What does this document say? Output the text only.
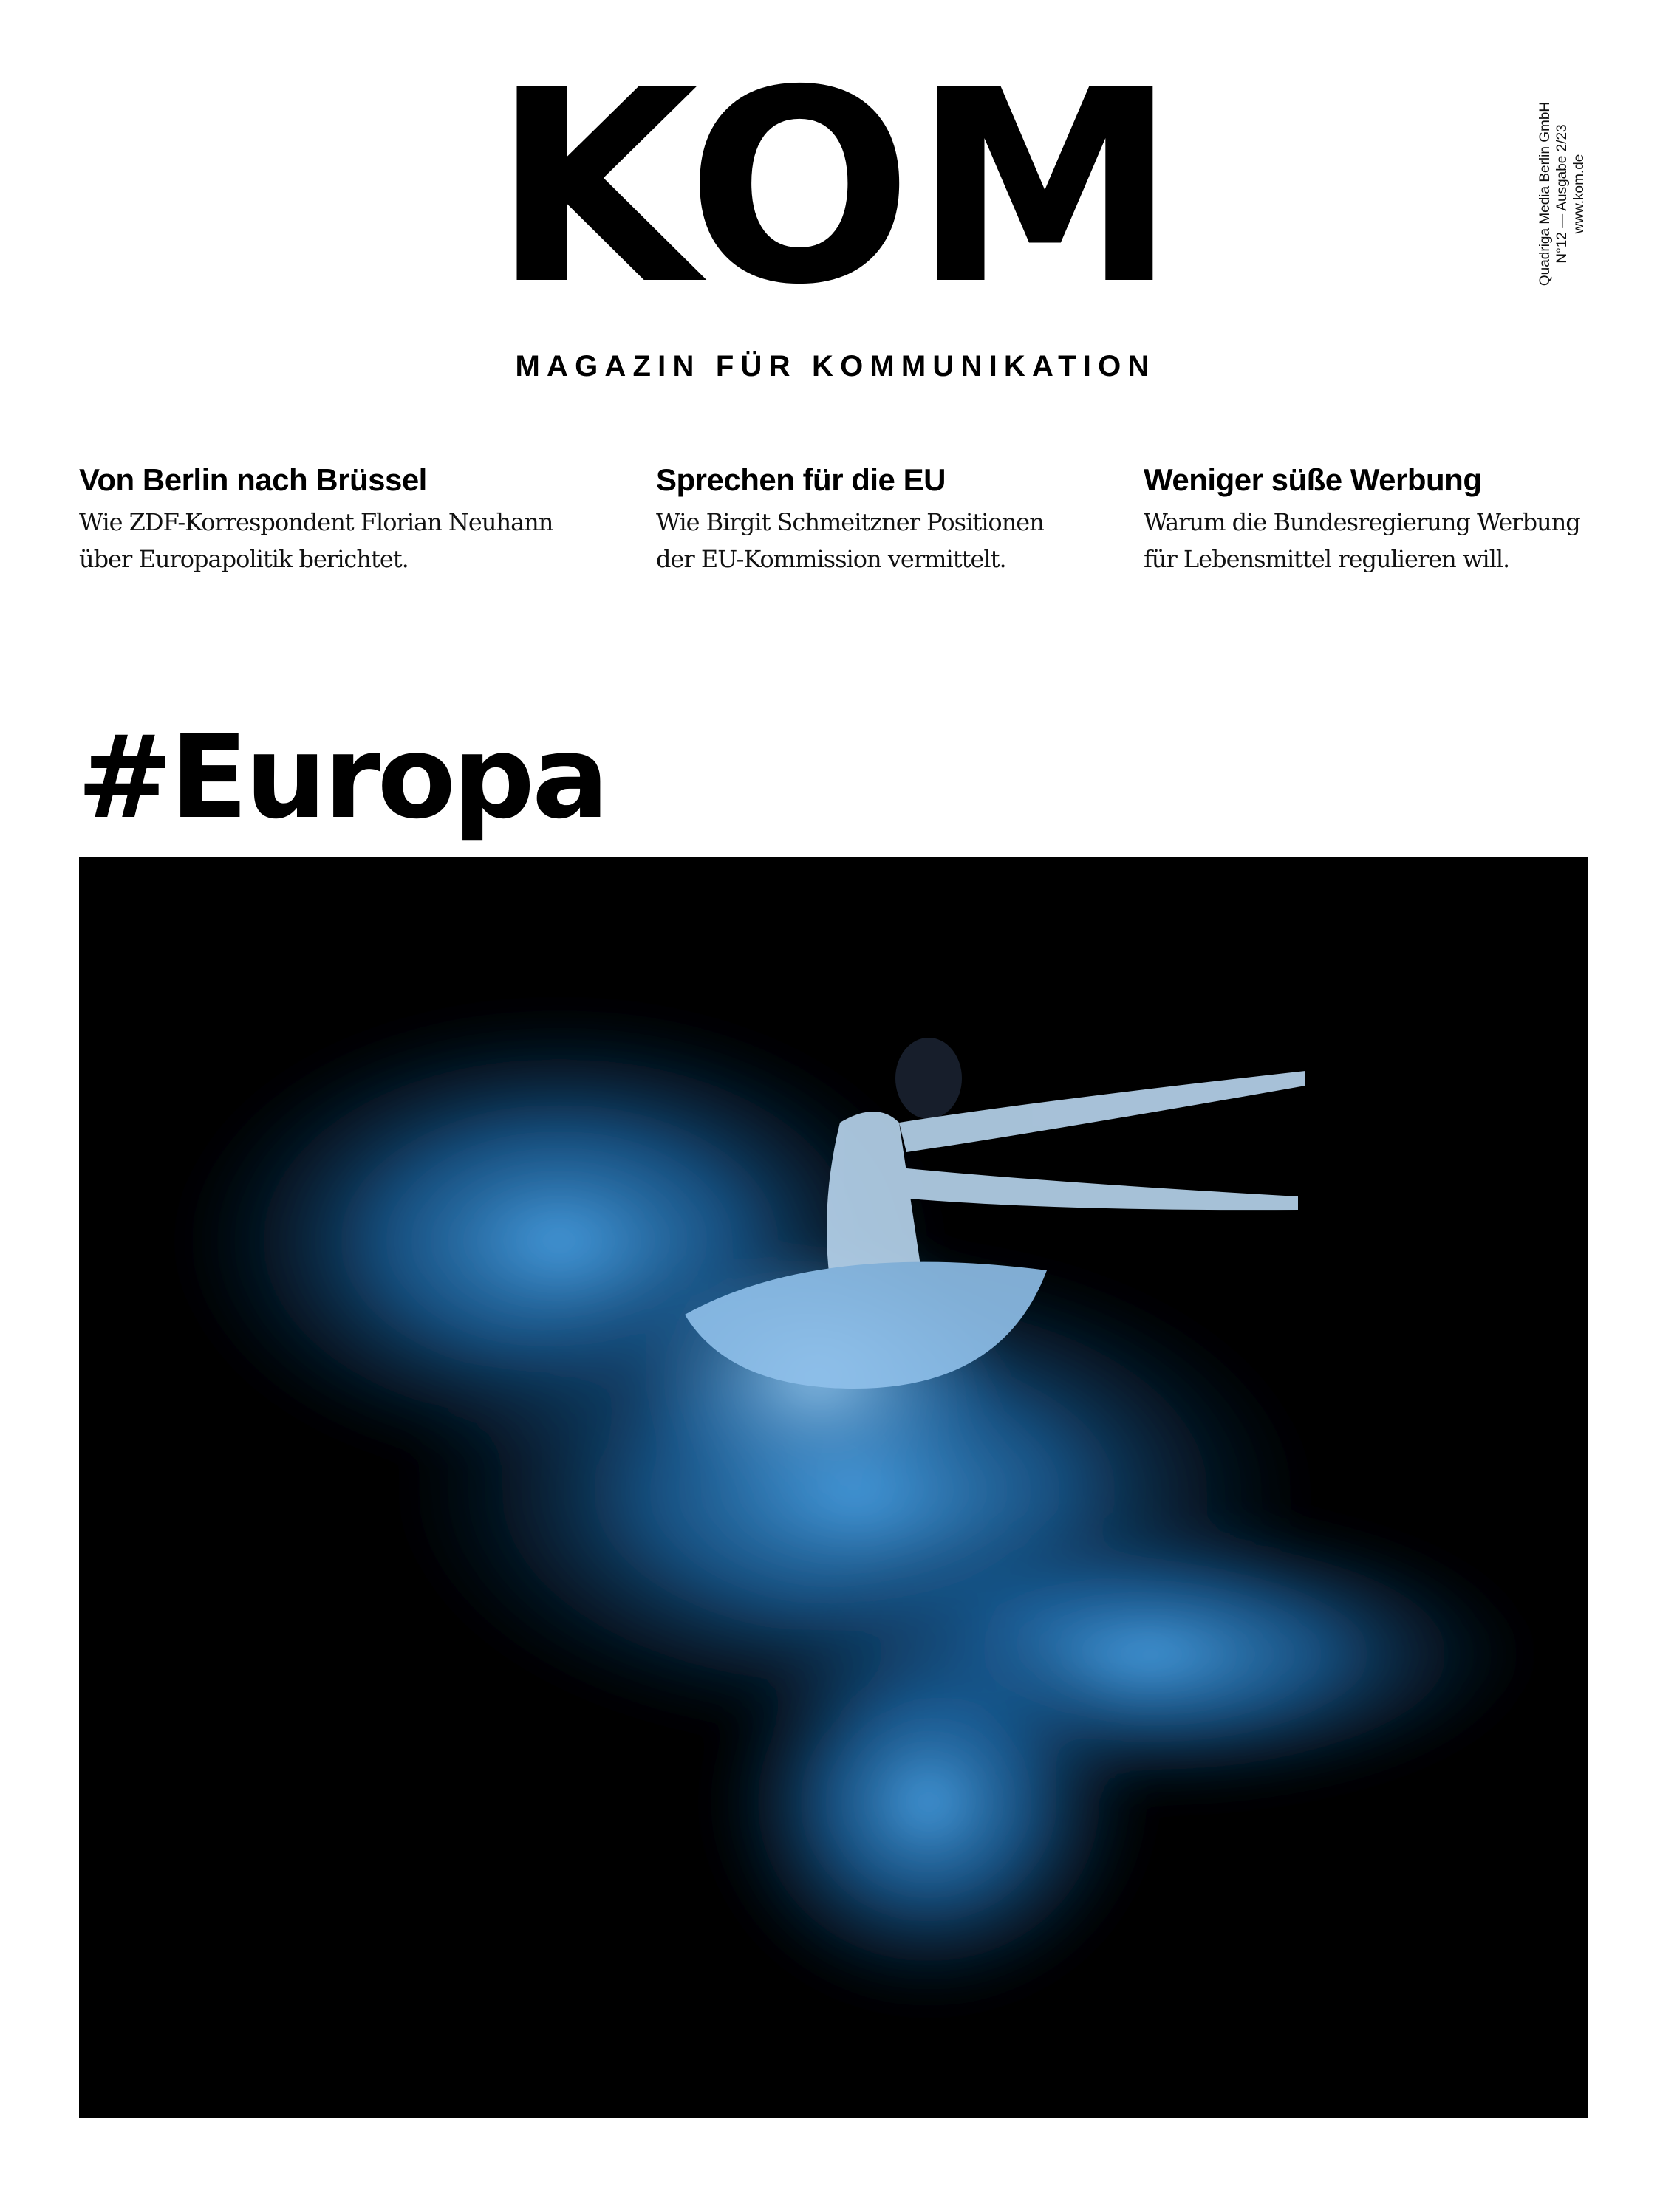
KOM
MAGAZIN FÜR KOMMUNIKATION
Quadriga Media Berlin GmbH N°12 — Ausgabe 2/23 www.kom.de
Von Berlin nach Brüssel

Wie ZDF-Korrespondent Florian Neuhann
über Europapolitik berichtet.

Sprechen für die EU

Wie Birgit Schmeitzner Positionen
der EU-Kommission vermittelt.

Weniger süße Werbung

Warum die Bundesregierung Werbung
für Lebensmittel regulieren will.

#Europa
